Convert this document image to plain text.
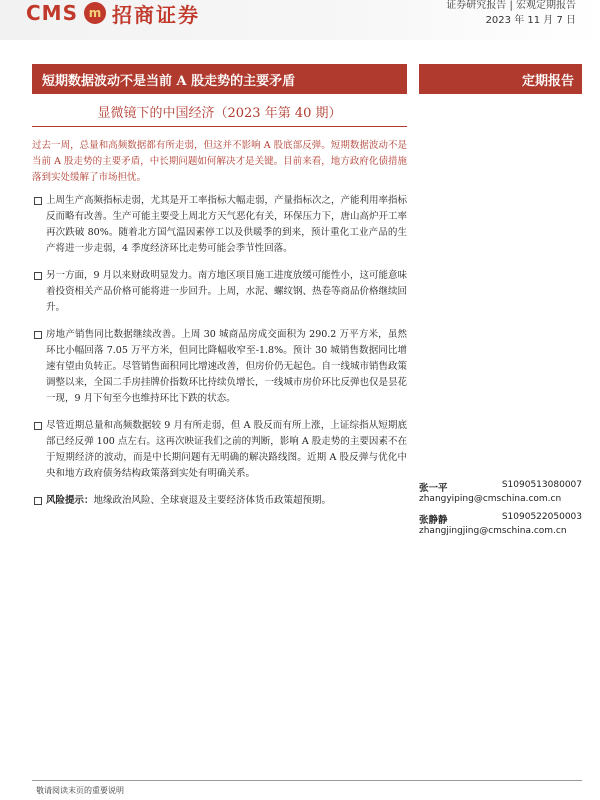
CMS m 招商证券	证券研究报告 | 宏观定期报告
2023 年 11 月 7 日
短期数据波动不是当前 A 股走势的主要矛盾	定期报告
显微镜下的中国经济（2023 年第 40 期）
过去一周，总量和高频数据都有所走弱，但这并不影响 A 股底部反弹。短期数据波动不是当前 A 股走势的主要矛盾，中长期问题如何解决才是关键。目前来看，地方政府化债措施落到实处缓解了市场担忧。
上周生产高频指标走弱，尤其是开工率指标大幅走弱，产量指标次之，产能利用率指标反而略有改善。生产可能主要受上周北方天气恶化有关，环保压力下，唐山高炉开工率再次跌破 80%。随着北方国气温因素停工以及供暖季的到来，预计重化工业产品的生产将进一步走弱，4 季度经济环比走势可能会季节性回落。
另一方面，9 月以来财政明显发力。南方地区项目施工进度放缓可能性小，这可能意味着投资相关产品价格可能将进一步回升。上周，水泥、螺纹钢、热卷等商品价格继续回升。
房地产销售同比数据继续改善。上周 30 城商品房成交面积为 290.2 万平方米，虽然环比小幅回落 7.05 万平方米，但同比降幅收窄至-1.8%。预计 30 城销售数据同比增速有望由负转正。尽管销售面积同比增速改善，但房价仍无起色。自一线城市销售政策调整以来，全国二手房挂牌价指数环比持续负增长，一线城市房价环比反弹也仅是昙花一现，9 月下旬至今也维持环比下跌的状态。
尽管近期总量和高频数据较 9 月有所走弱，但 A 股反而有所上涨，上证综指从短期底部已经反弹 100 点左右。这再次映证我们之前的判断，影响 A 股走势的主要因素不在于短期经济的波动，而是中长期问题有无明确的解决路线图。近期 A 股反弹与优化中央和地方政府债务结构政策落到实处有明确关系。
风险提示：地缘政治风险、全球衰退及主要经济体货币政策超预期。
张一平	S1090513080007
zhangyiping@cmschina.com.cn
张静静	S1090522050003
zhangjingjing@cmschina.com.cn
敬请阅读末页的重要说明
